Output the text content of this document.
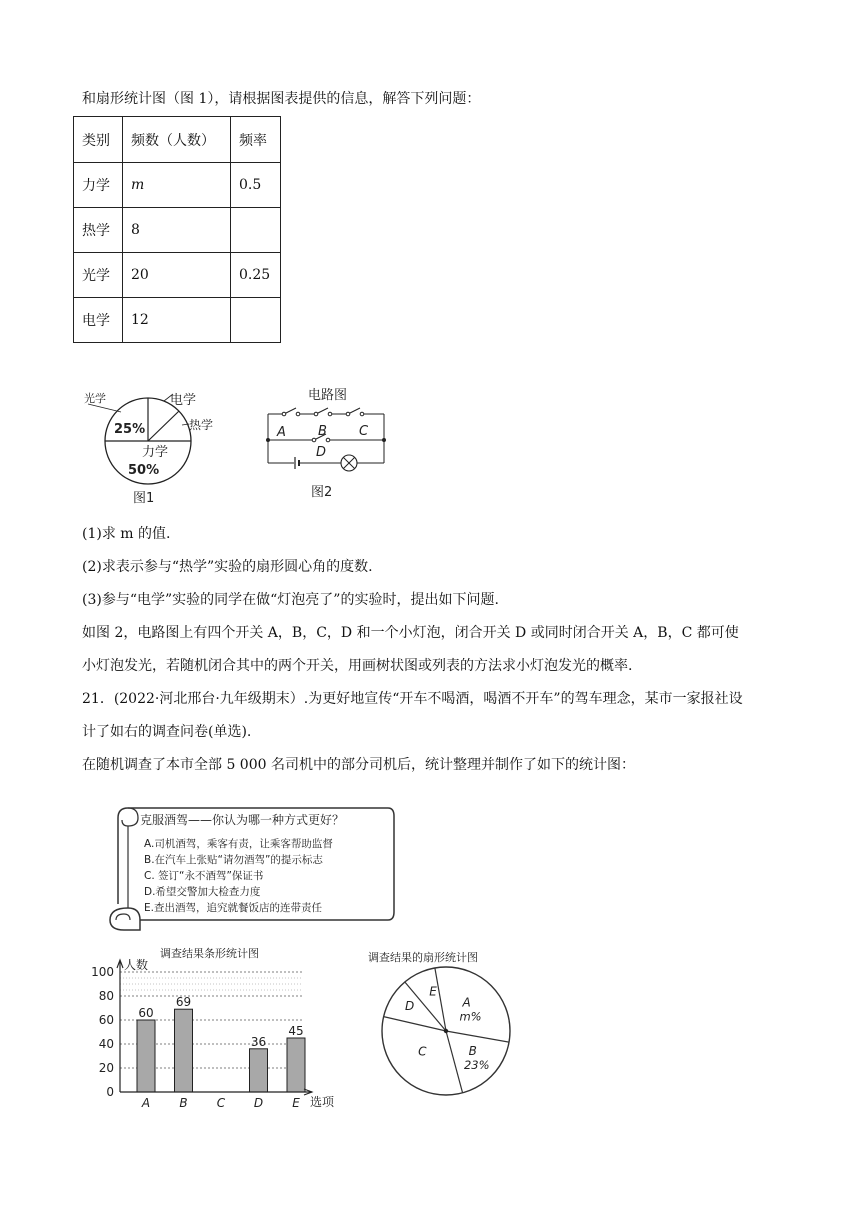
和扇形统计图（图 1），请根据图表提供的信息，解答下列问题：
类别	频数（人数）	频率
力学	m	0.5
热学	8	
光学	20	0.25
电学	12	
光学	电学
热学
25%
力学
50%
图1
电路图
A B C
D
图2
(1)求 m 的值.
(2)求表示参与“热学”实验的扇形圆心角的度数.
(3)参与“电学”实验的同学在做“灯泡亮了”的实验时，提出如下问题.
如图 2，电路图上有四个开关 A，B，C，D 和一个小灯泡，闭合开关 D 或同时闭合开关 A，B，C 都可使
小灯泡发光，若随机闭合其中的两个开关，用画树状图或列表的方法求小灯泡发光的概率.
21．(2022·河北邢台·九年级期末）.为更好地宣传“开车不喝酒，喝酒不开车”的驾车理念，某市一家报社设
计了如右的调查问卷(单选).
在随机调查了本市全部 5 000 名司机中的部分司机后，统计整理并制作了如下的统计图：
克服酒驾——你认为哪一种方式更好？
A.司机酒驾，乘客有责，让乘客帮助监督
B.在汽车上张贴“请勿酒驾”的提示标志
C. 签订“永不酒驾”保证书
D.希望交警加大检查力度
E.查出酒驾，追究就餐饭店的连带责任
调查结果条形统计图
人数
选项
60
69
36
45
0
20
40
60
80
100
A B C D E
调查结果的扇形统计图
A
m%
B
23%
C
D
E
